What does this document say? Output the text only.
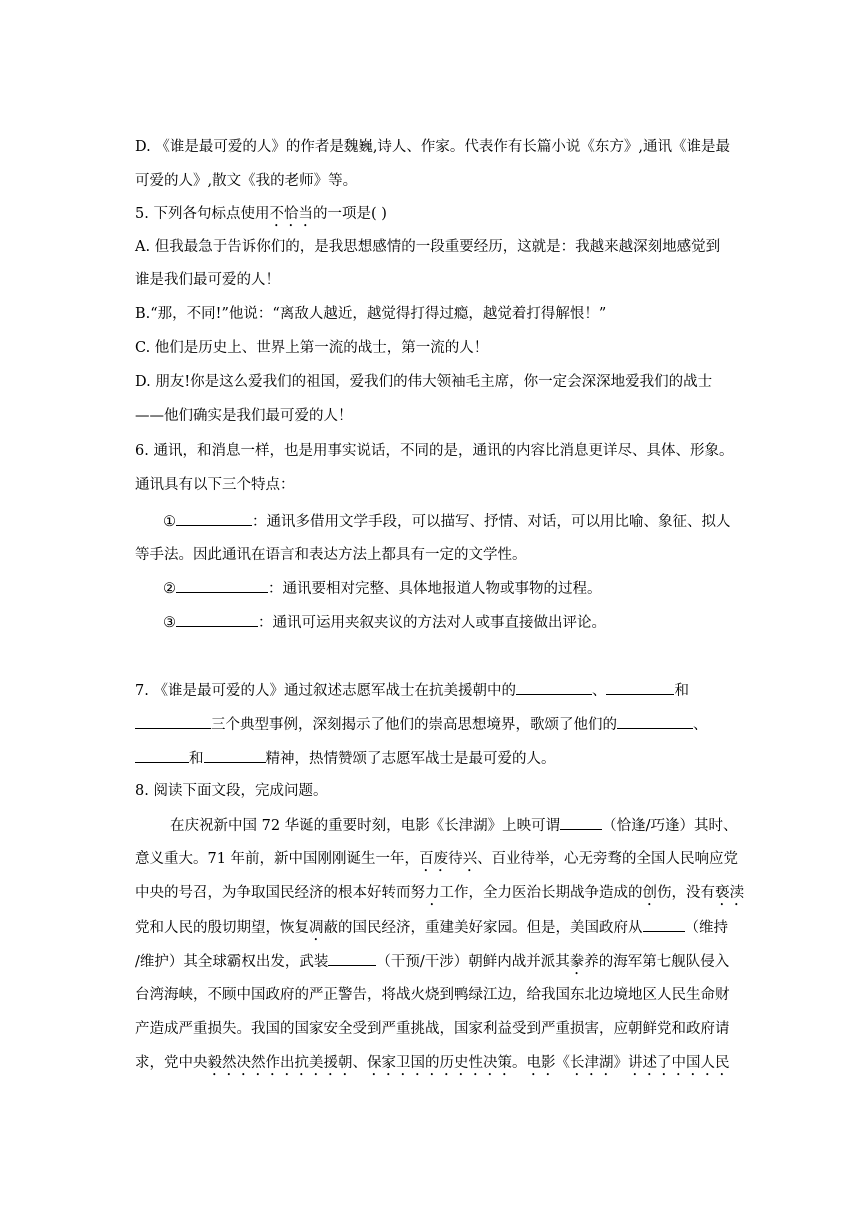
D. 《谁是最可爱的人》的作者是魏巍,诗人、作家。代表作有长篇小说《东方》,通讯《谁是最
可爱的人》,散文《我的老师》等。
5. 下列各句标点使用不恰当的一项是( )
A. 但我最急于告诉你们的，是我思想感情的一段重要经历，这就是：我越来越深刻地感觉到
谁是我们最可爱的人！
B.“那，不同!”他说：“离敌人越近，越觉得打得过瘾，越觉着打得解恨！”
C. 他们是历史上、世界上第一流的战士，第一流的人！
D. 朋友!你是这么爱我们的祖国，爱我们的伟大领袖毛主席，你一定会深深地爱我们的战士
——他们确实是我们最可爱的人！
6. 通讯，和消息一样，也是用事实说话，不同的是，通讯的内容比消息更详尽、具体、形象。
通讯具有以下三个特点：
①	：通讯多借用文学手段，可以描写、抒情、对话，可以用比喻、象征、拟人
等手法。因此通讯在语言和表达方法上都具有一定的文学性。
②	：通讯要相对完整、具体地报道人物或事物的过程。
③	：通讯可运用夹叙夹议的方法对人或事直接做出评论。
7. 《谁是最可爱的人》通过叙述志愿军战士在抗美援朝中的	、	和
三个典型事例，深刻揭示了他们的崇高思想境界，歌颂了他们的	、
和	精神，热情赞颂了志愿军战士是最可爱的人。
8. 阅读下面文段，完成问题。
在庆祝新中国 72 华诞的重要时刻，电影《长津湖》上映可谓	（恰逢/巧逢）其时、
意义重大。71 年前，新中国刚刚诞生一年，百废待兴、百业待举，心无旁骛的全国人民响应党
中央的号召，为争取国民经济的根本好转而努力工作，全力医治长期战争造成的创伤，没有亵渎
党和人民的殷切期望，恢复凋蔽的国民经济，重建美好家园。但是，美国政府从	（维持
/维护）其全球霸权出发，武装	（干预/干涉）朝鲜内战并派其豢养的海军第七舰队侵入
台湾海峡，不顾中国政府的严正警告，将战火烧到鸭绿江边，给我国东北边境地区人民生命财
产造成严重损失。我国的国家安全受到严重挑战，国家利益受到严重损害，应朝鲜党和政府请
求，党中央毅然决然作出抗美援朝、保家卫国的历史性决策。电影《长津湖》讲述了中国人民
